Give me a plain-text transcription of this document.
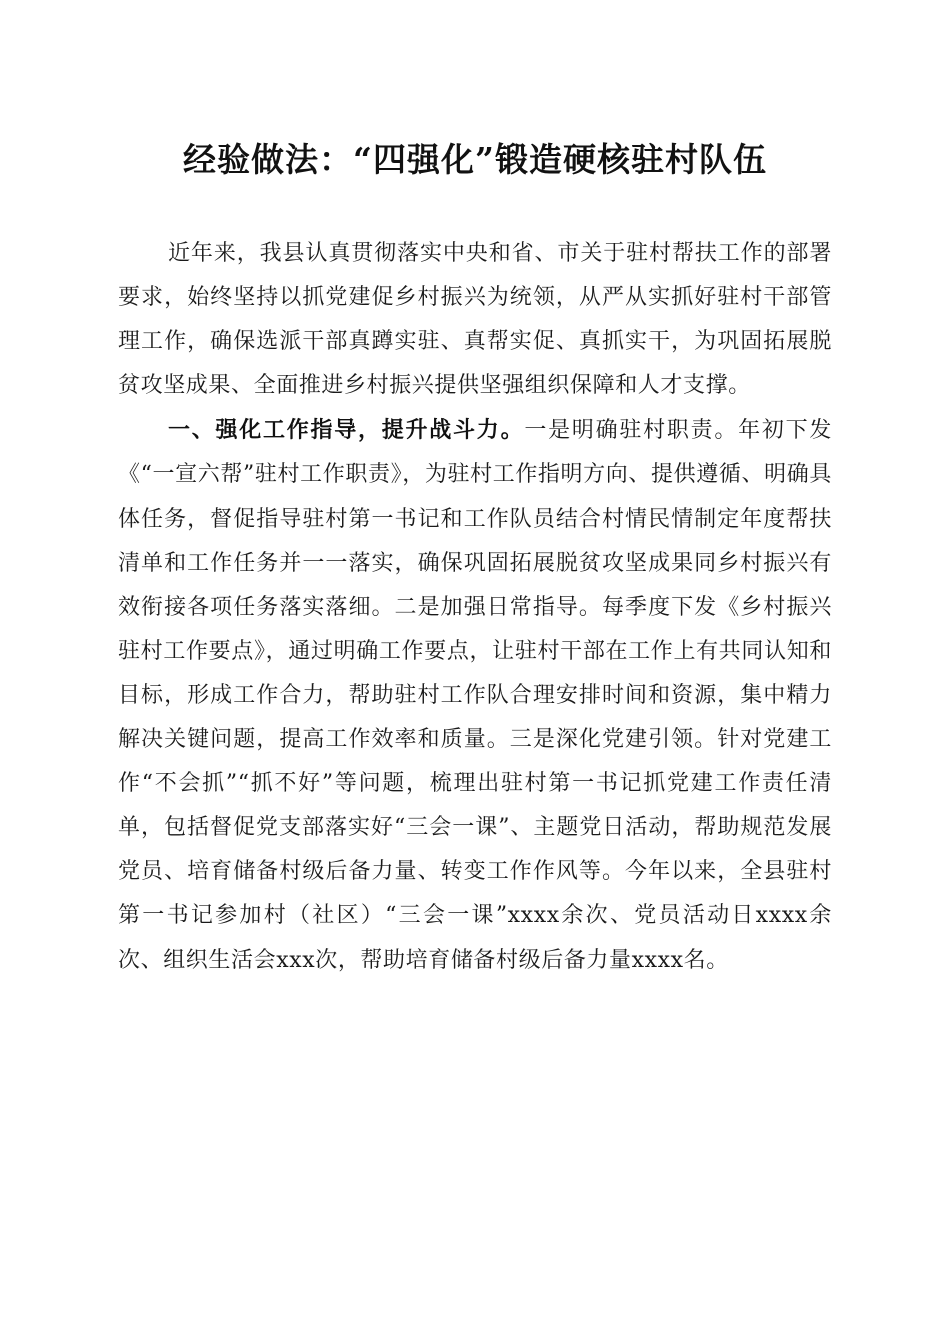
经验做法：“四强化”锻造硬核驻村队伍

近年来，我县认真贯彻落实中央和省、市关于驻村帮扶工作的部署要求，始终坚持以抓党建促乡村振兴为统领，从严从实抓好驻村干部管理工作，确保选派干部真蹲实驻、真帮实促、真抓实干，为巩固拓展脱贫攻坚成果、全面推进乡村振兴提供坚强组织保障和人才支撑。

一、强化工作指导，提升战斗力。一是明确驻村职责。年初下发《“一宣六帮”驻村工作职责》，为驻村工作指明方向、提供遵循、明确具体任务，督促指导驻村第一书记和工作队员结合村情民情制定年度帮扶清单和工作任务并一一落实，确保巩固拓展脱贫攻坚成果同乡村振兴有效衔接各项任务落实落细。二是加强日常指导。每季度下发《乡村振兴驻村工作要点》，通过明确工作要点，让驻村干部在工作上有共同认知和目标，形成工作合力，帮助驻村工作队合理安排时间和资源，集中精力解决关键问题，提高工作效率和质量。三是深化党建引领。针对党建工作“不会抓”“抓不好”等问题，梳理出驻村第一书记抓党建工作责任清单，包括督促党支部落实好“三会一课”、主题党日活动，帮助规范发展党员、培育储备村级后备力量、转变工作作风等。今年以来，全县驻村第一书记参加村（社区）“三会一课”xxxx余次、党员活动日xxxx余次、组织生活会xxx次，帮助培育储备村级后备力量xxxx名。
